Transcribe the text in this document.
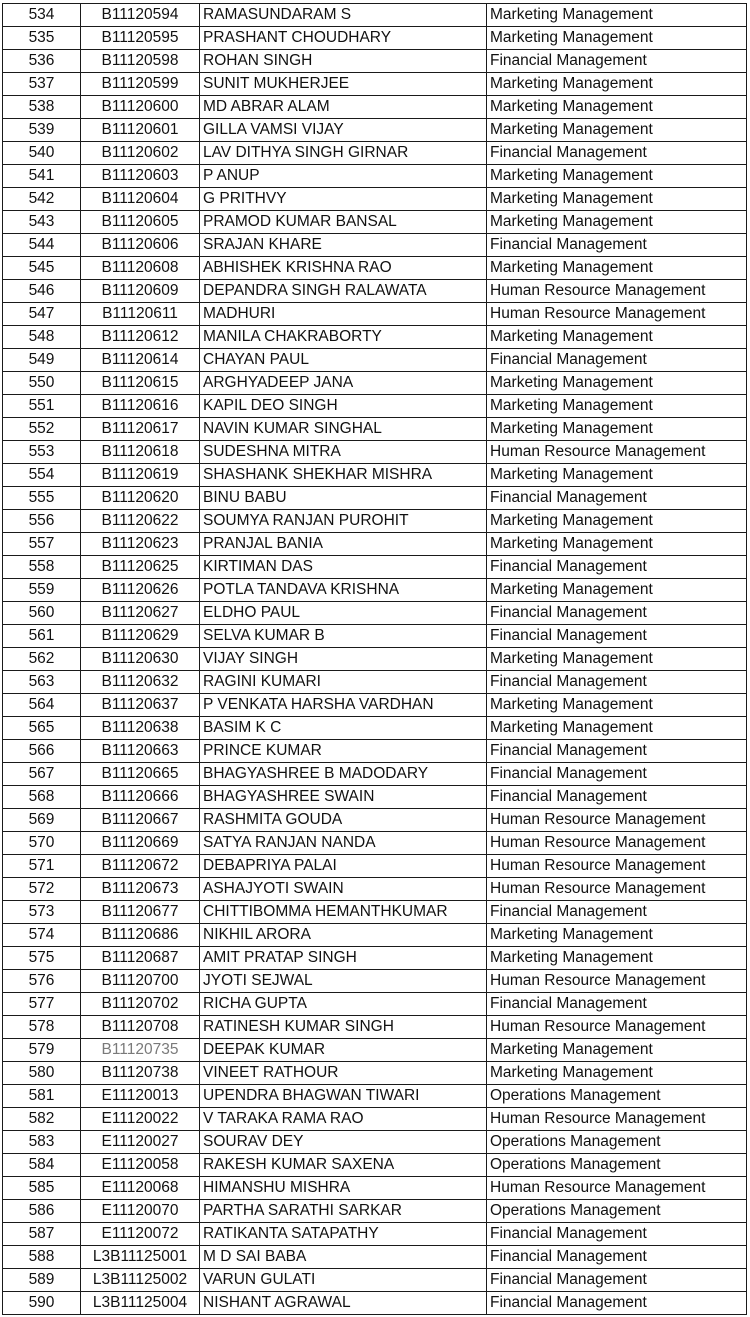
534	B11120594	RAMASUNDARAM S	Marketing Management
535	B11120595	PRASHANT CHOUDHARY	Marketing Management
536	B11120598	ROHAN SINGH	Financial Management
537	B11120599	SUNIT MUKHERJEE	Marketing Management
538	B11120600	MD ABRAR ALAM	Marketing Management
539	B11120601	GILLA VAMSI VIJAY	Marketing Management
540	B11120602	LAV DITHYA SINGH GIRNAR	Financial Management
541	B11120603	P ANUP	Marketing Management
542	B11120604	G PRITHVY	Marketing Management
543	B11120605	PRAMOD KUMAR BANSAL	Marketing Management
544	B11120606	SRAJAN KHARE	Financial Management
545	B11120608	ABHISHEK KRISHNA RAO	Marketing Management
546	B11120609	DEPANDRA SINGH RALAWATA	Human Resource Management
547	B11120611	MADHURI	Human Resource Management
548	B11120612	MANILA CHAKRABORTY	Marketing Management
549	B11120614	CHAYAN PAUL	Financial Management
550	B11120615	ARGHYADEEP JANA	Marketing Management
551	B11120616	KAPIL DEO SINGH	Marketing Management
552	B11120617	NAVIN KUMAR SINGHAL	Marketing Management
553	B11120618	SUDESHNA MITRA	Human Resource Management
554	B11120619	SHASHANK SHEKHAR MISHRA	Marketing Management
555	B11120620	BINU BABU	Financial Management
556	B11120622	SOUMYA RANJAN PUROHIT	Marketing Management
557	B11120623	PRANJAL BANIA	Marketing Management
558	B11120625	KIRTIMAN DAS	Financial Management
559	B11120626	POTLA TANDAVA KRISHNA	Marketing Management
560	B11120627	ELDHO PAUL	Financial Management
561	B11120629	SELVA KUMAR B	Financial Management
562	B11120630	VIJAY SINGH	Marketing Management
563	B11120632	RAGINI KUMARI	Financial Management
564	B11120637	P VENKATA HARSHA VARDHAN	Marketing Management
565	B11120638	BASIM K C	Marketing Management
566	B11120663	PRINCE KUMAR	Financial Management
567	B11120665	BHAGYASHREE B MADODARY	Financial Management
568	B11120666	BHAGYASHREE SWAIN	Financial Management
569	B11120667	RASHMITA GOUDA	Human Resource Management
570	B11120669	SATYA RANJAN NANDA	Human Resource Management
571	B11120672	DEBAPRIYA PALAI	Human Resource Management
572	B11120673	ASHAJYOTI SWAIN	Human Resource Management
573	B11120677	CHITTIBOMMA HEMANTHKUMAR	Financial Management
574	B11120686	NIKHIL ARORA	Marketing Management
575	B11120687	AMIT PRATAP SINGH	Marketing Management
576	B11120700	JYOTI SEJWAL	Human Resource Management
577	B11120702	RICHA GUPTA	Financial Management
578	B11120708	RATINESH KUMAR SINGH	Human Resource Management
579	B11120735	DEEPAK KUMAR	Marketing Management
580	B11120738	VINEET RATHOUR	Marketing Management
581	E11120013	UPENDRA BHAGWAN TIWARI	Operations Management
582	E11120022	V TARAKA RAMA RAO	Human Resource Management
583	E11120027	SOURAV DEY	Operations Management
584	E11120058	RAKESH KUMAR SAXENA	Operations Management
585	E11120068	HIMANSHU MISHRA	Human Resource Management
586	E11120070	PARTHA SARATHI SARKAR	Operations Management
587	E11120072	RATIKANTA SATAPATHY	Financial Management
588	L3B11125001	M D SAI BABA	Financial Management
589	L3B11125002	VARUN GULATI	Financial Management
590	L3B11125004	NISHANT AGRAWAL	Financial Management
